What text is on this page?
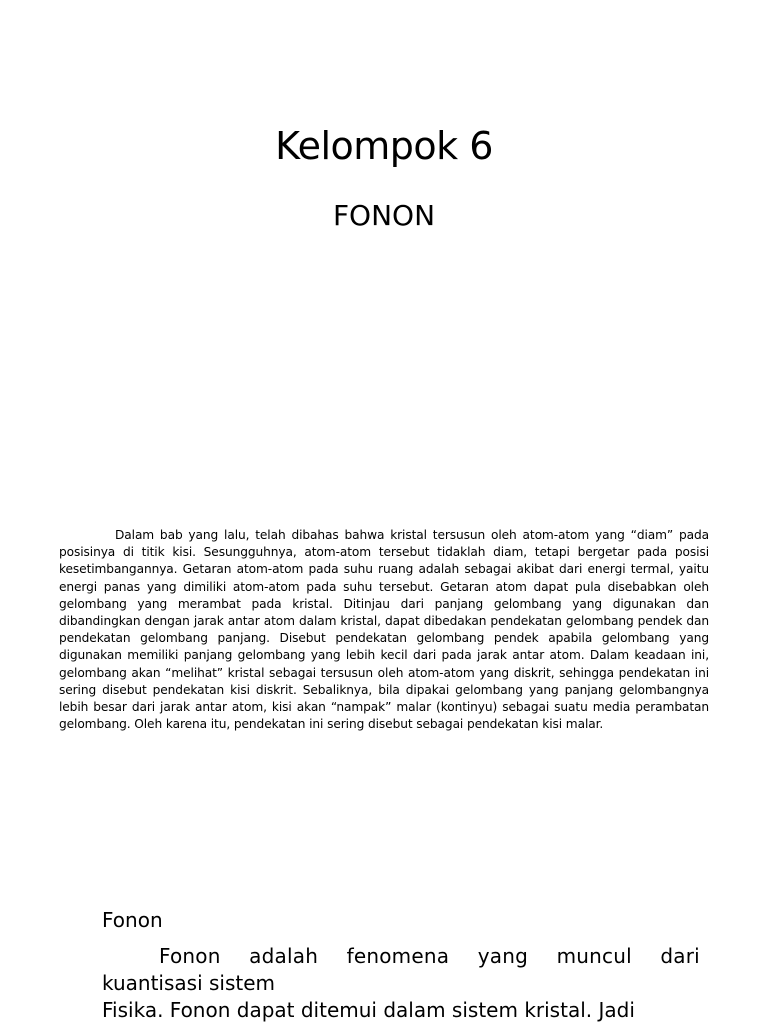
Kelompok 6
FONON

Dalam bab yang lalu, telah dibahas bahwa kristal tersusun oleh atom-atom yang “diam” pada posisinya di titik kisi. Sesungguhnya, atom-atom tersebut tidaklah diam, tetapi bergetar pada posisi kesetimbangannya. Getaran atom-atom pada suhu ruang adalah sebagai akibat dari energi termal, yaitu energi panas yang dimiliki atom-atom pada suhu tersebut. Getaran atom dapat pula disebabkan oleh gelombang yang merambat pada kristal. Ditinjau dari panjang gelombang yang digunakan dan dibandingkan dengan jarak antar atom dalam kristal, dapat dibedakan pendekatan gelombang pendek dan pendekatan gelombang panjang. Disebut pendekatan gelombang pendek apabila gelombang yang digunakan memiliki panjang gelombang yang lebih kecil dari pada jarak antar atom. Dalam keadaan ini, gelombang akan “melihat” kristal sebagai tersusun oleh atom-atom yang diskrit, sehingga pendekatan ini sering disebut pendekatan kisi diskrit. Sebaliknya, bila dipakai gelombang yang panjang gelombangnya lebih besar dari jarak antar atom, kisi akan “nampak” malar (kontinyu) sebagai suatu media perambatan gelombang. Oleh karena itu, pendekatan ini sering disebut sebagai pendekatan kisi malar.

Fonon
Fonon adalah fenomena yang muncul dari
kuantisasi sistem
Fisika. Fonon dapat ditemui dalam sistem kristal. Jadi
